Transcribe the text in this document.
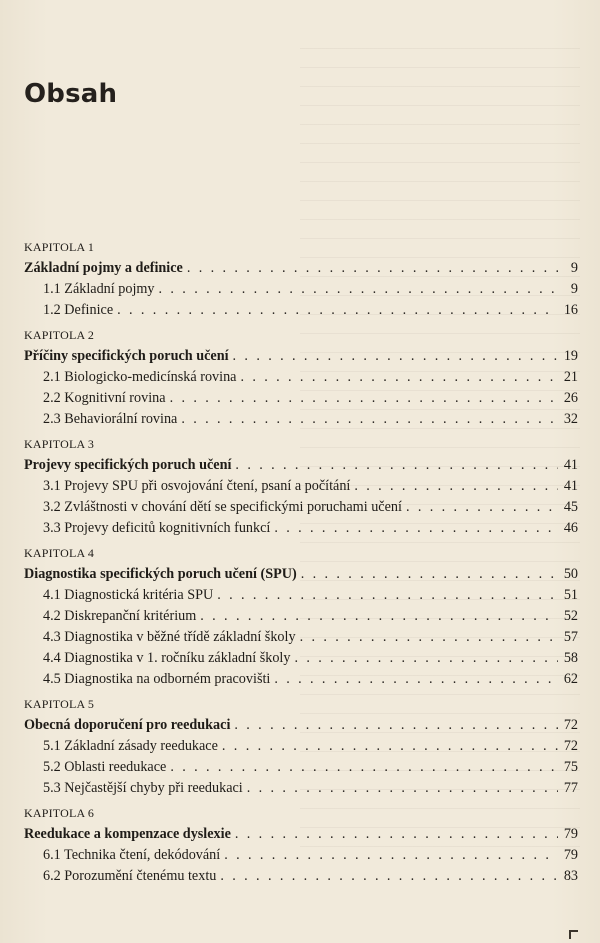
Obsah
KAPITOLA 1
Základní pojmy a definice . . .	9
1.1 Základní pojmy . . .	9
1.2 Definice . . .	16
KAPITOLA 2
Příčiny specifických poruch učení . . .	19
2.1 Biologicko-medicínská rovina . . .	21
2.2 Kognitivní rovina . . .	26
2.3 Behaviorální rovina . . .	32
KAPITOLA 3
Projevy specifických poruch učení . . .	41
3.1 Projevy SPU při osvojování čtení, psaní a počítání . . .	41
3.2 Zvláštnosti v chování dětí se specifickými poruchami učení . . .	45
3.3 Projevy deficitů kognitivních funkcí . . .	46
KAPITOLA 4
Diagnostika specifických poruch učení (SPU) . . .	50
4.1 Diagnostická kritéria SPU . . .	51
4.2 Diskrepanční kritérium . . .	52
4.3 Diagnostika v běžné třídě základní školy . . .	57
4.4 Diagnostika v 1. ročníku základní školy . . .	58
4.5 Diagnostika na odborném pracovišti . . .	62
KAPITOLA 5
Obecná doporučení pro reedukaci . . .	72
5.1 Základní zásady reedukace . . .	72
5.2 Oblasti reedukace . . .	75
5.3 Nejčastější chyby při reedukaci . . .	77
KAPITOLA 6
Reedukace a kompenzace dyslexie . . .	79
6.1 Technika čtení, dekódování . . .	79
6.2 Porozumění čtenému textu . . .	83
